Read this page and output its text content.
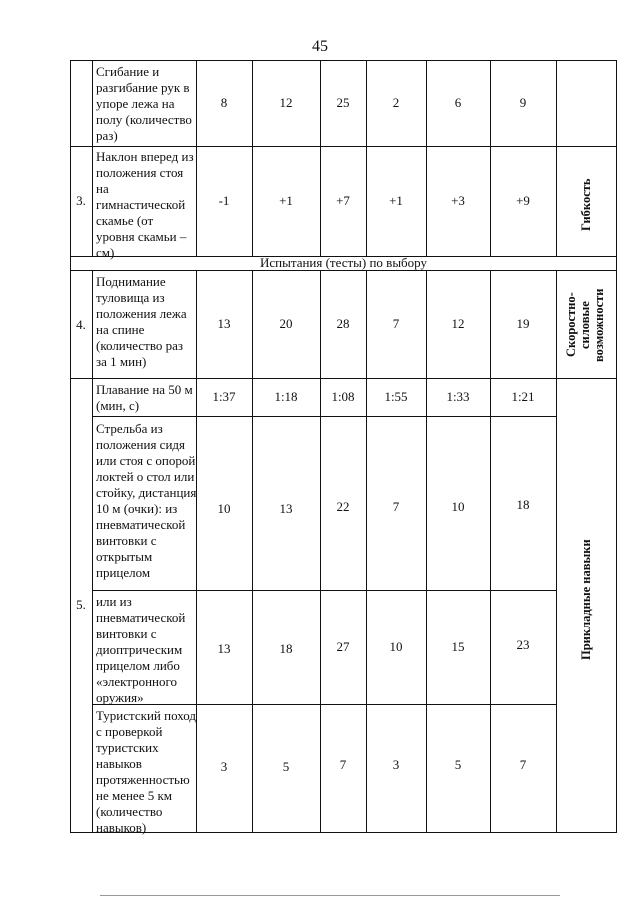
45
Сгибание и разгибание рук в упоре лежа на полу (количество раз)
8	12	25	2	6	9
3.
Наклон вперед из положения стоя на гимнастической скамье (от уровня скамьи – см)
-1	+1	+7	+1	+3	+9	Гибкость
Испытания (тесты) по выбору
4.
Поднимание туловища из положения лежа на спине (количество раз за 1 мин)
13	20	28	7	12	19	Скоростно-
силовые
возможности
5.
Плавание на 50 м (мин, с)
1:37	1:18	1:08	1:55	1:33	1:21
Прикладные навыки
Стрельба из положения сидя или стоя с опорой локтей о стол или стойку, дистанция 10 м (очки): из пневматической винтовки с открытым прицелом
10	13	22	7	10	18
или из пневматической винтовки с диоптрическим прицелом либо «электронного оружия»
13	18	27	10	15	23
Туристский поход с проверкой туристских навыков протяженностью не менее 5 км (количество навыков)
3	5	7	3	5	7
